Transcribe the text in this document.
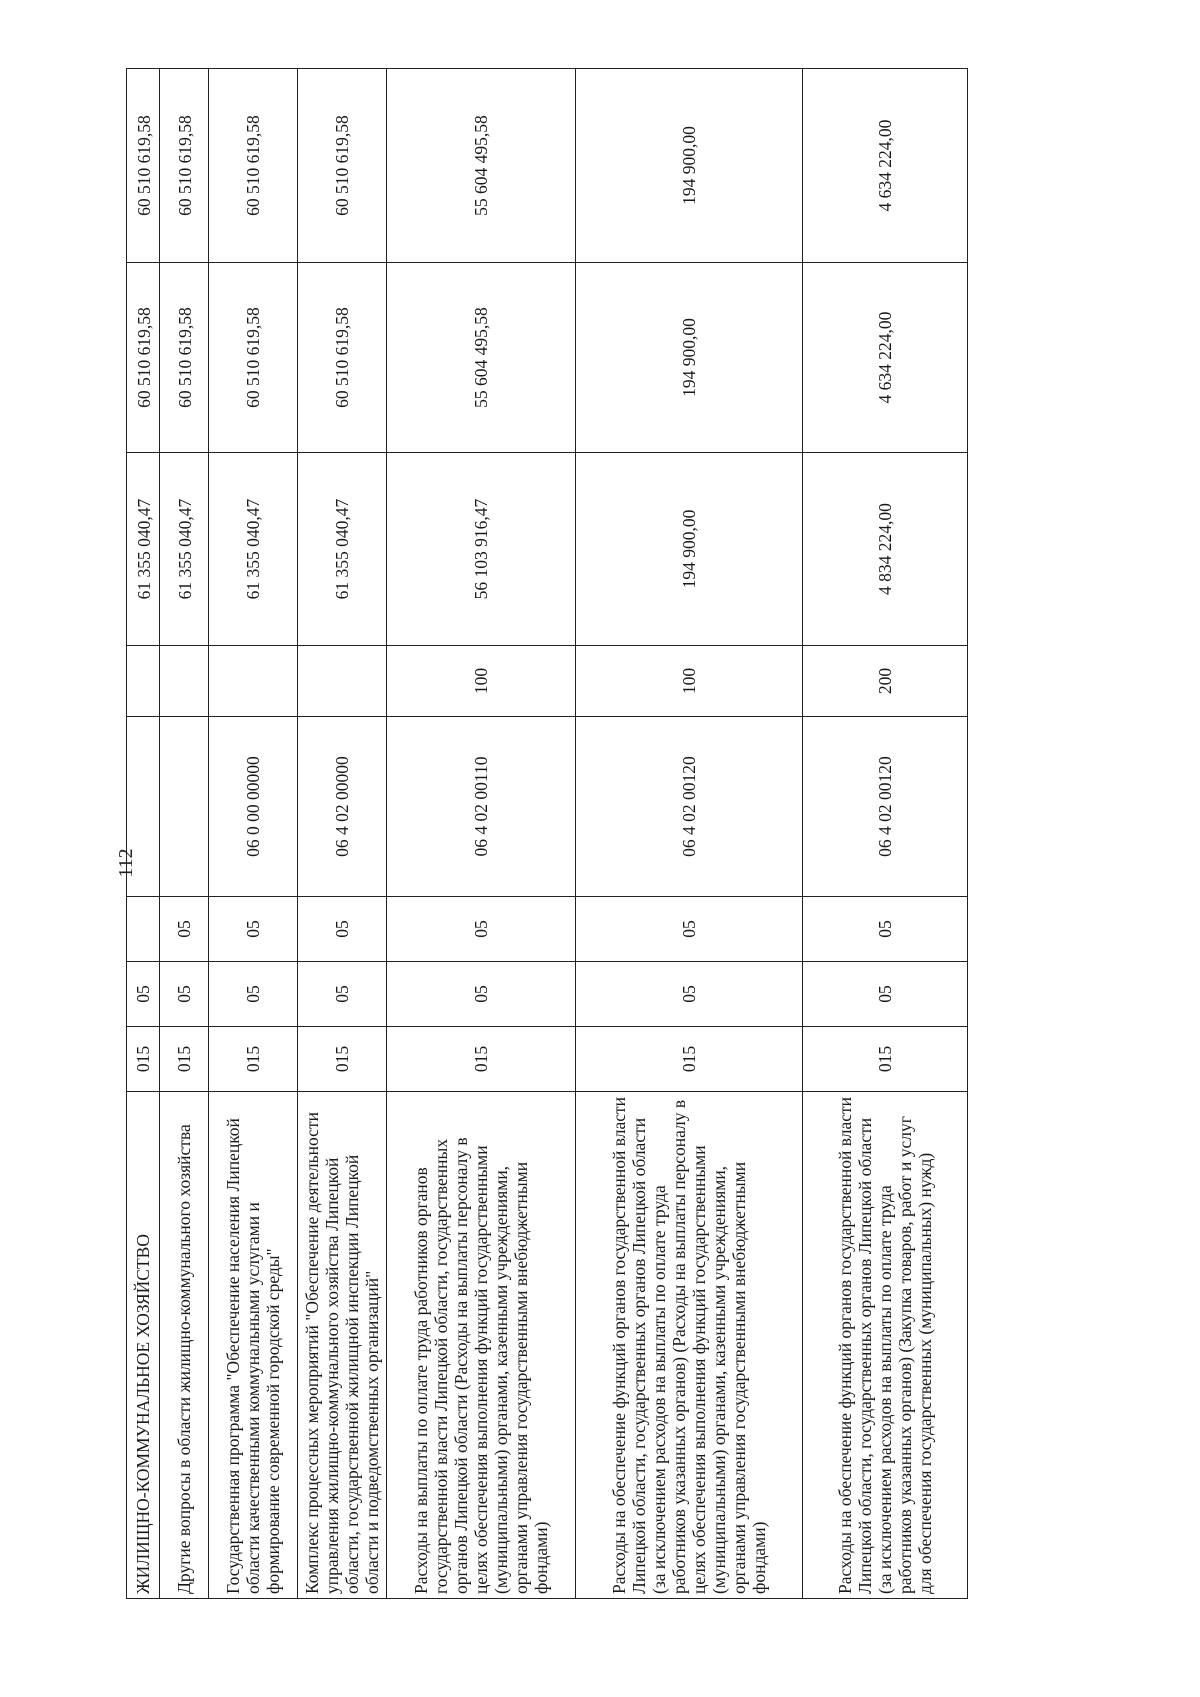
112
ЖИЛИЩНО-КОММУНАЛЬНОЕ ХОЗЯЙСТВО	015	05				61 355 040,47	60 510 619,58	60 510 619,58
Другие вопросы в области жилищно-коммунального хозяйства	015	05	05			61 355 040,47	60 510 619,58	60 510 619,58
Государственная программа "Обеспечение населения Липецкой области качественными коммунальными услугами и формирование современной городской среды"	015	05	05	06 0 00 00000		61 355 040,47	60 510 619,58	60 510 619,58
Комплекс процессных мероприятий "Обеспечение деятельности управления жилищно-коммунального хозяйства Липецкой области, государственной жилищной инспекции Липецкой области и подведомственных организаций"	015	05	05	06 4 02 00000		61 355 040,47	60 510 619,58	60 510 619,58
Расходы на выплаты по оплате труда работников органов государственной власти Липецкой области, государственных органов Липецкой области (Расходы на выплаты персоналу в целях обеспечения выполнения функций государственными (муниципальными) органами, казенными учреждениями, органами управления государственными внебюджетными фондами)	015	05	05	06 4 02 00110	100	56 103 916,47	55 604 495,58	55 604 495,58
Расходы на обеспечение функций органов государственной власти Липецкой области, государственных органов Липецкой области (за исключением расходов на выплаты по оплате труда работников указанных органов) (Расходы на выплаты персоналу в целях обеспечения выполнения функций государственными (муниципальными) органами, казенными учреждениями, органами управления государственными внебюджетными фондами)	015	05	05	06 4 02 00120	100	194 900,00	194 900,00	194 900,00
Расходы на обеспечение функций органов государственной власти Липецкой области, государственных органов Липецкой области (за исключением расходов на выплаты по оплате труда работников указанных органов) (Закупка товаров, работ и услуг для обеспечения государственных (муниципальных) нужд)	015	05	05	06 4 02 00120	200	4 834 224,00	4 634 224,00	4 634 224,00
